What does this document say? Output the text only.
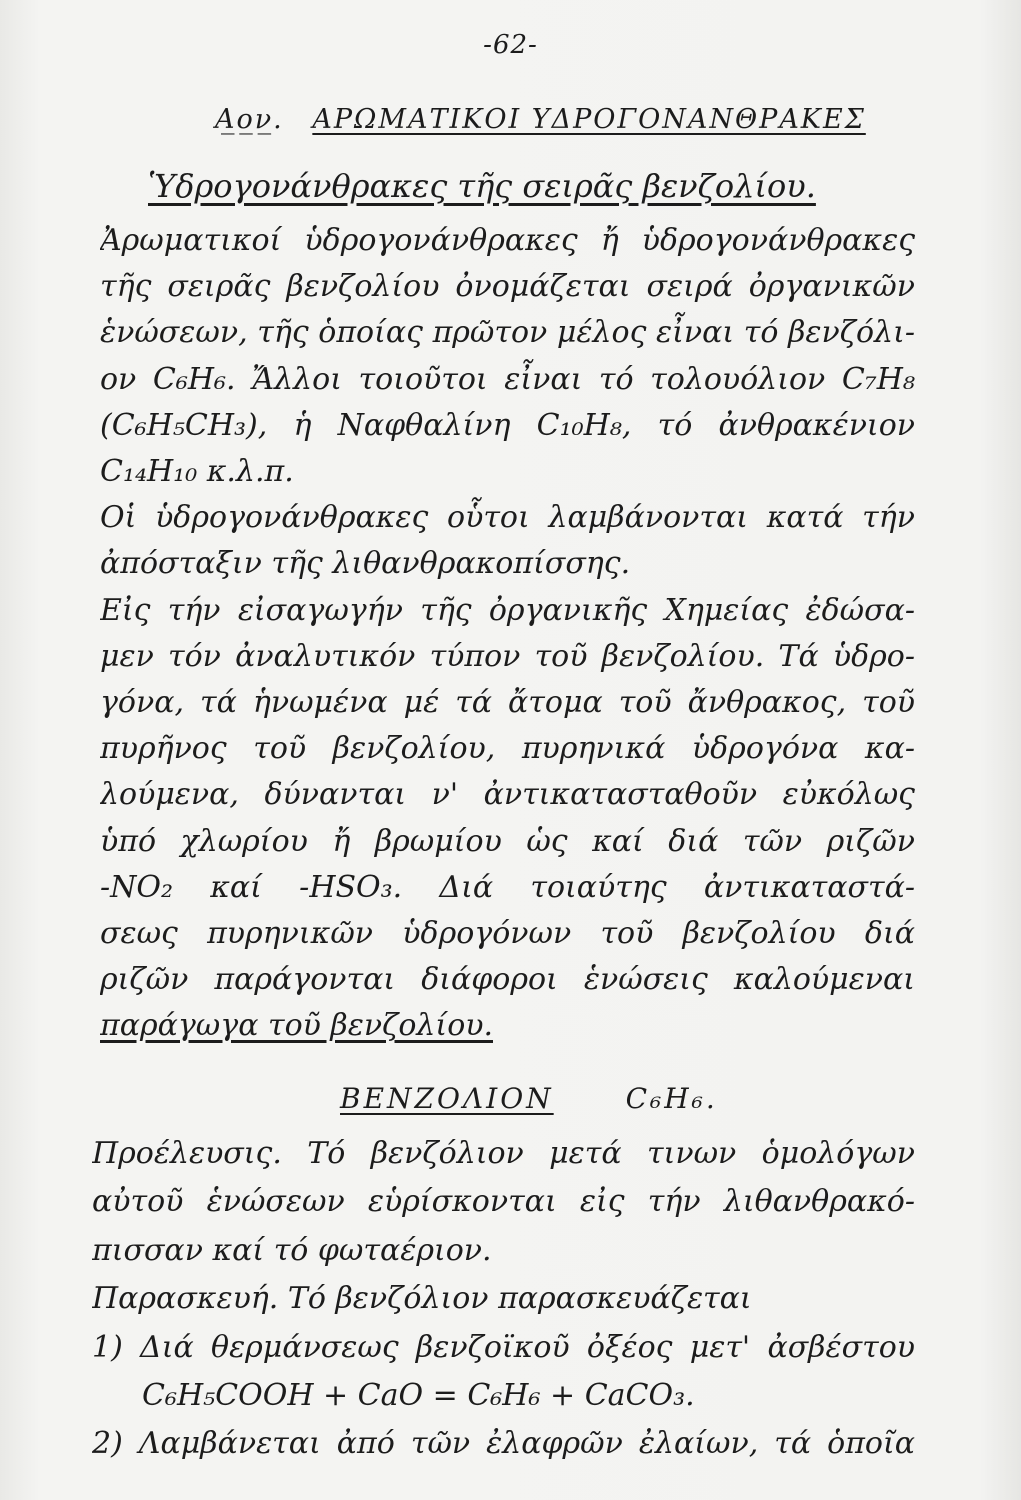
-62-
Α̲ο̲ν̲. ΑΡΩΜΑΤΙΚΟΙ ΥΔΡΟΓΟΝΑΝΘΡΑΚΕΣ
Ὑδρογονάνθρακες τῆς σειρᾶς βενζολίου.
Ἀρωματικοί ὑδρογονάνθρακες ἤ ὑδρογονάνθρακες
τῆς σειρᾶς βενζολίου ὀνομάζεται σειρά ὀργανικῶν
ἑνώσεων, τῆς ὁποίας πρῶτον μέλος εἶναι τό βενζόλι-
ον C₆H₆. Ἄλλοι τοιοῦτοι εἶναι τό τολουόλιον C₇H₈
(C₆H₅CH₃), ἡ Ναφθαλίνη C₁₀H₈, τό ἀνθρακένιον
C₁₄H₁₀ κ.λ.π.
Οἱ ὑδρογονάνθρακες οὗτοι λαμβάνονται κατά τήν
ἀπόσταξιν τῆς λιθανθρακοπίσσης.
Εἰς τήν εἰσαγωγήν τῆς ὀργανικῆς Χημείας ἐδώσα-
μεν τόν ἀναλυτικόν τύπον τοῦ βενζολίου. Τά ὑδρο-
γόνα, τά ἡνωμένα μέ τά ἄτομα τοῦ ἄνθρακος, τοῦ
πυρῆνος τοῦ βενζολίου, πυρηνικά ὑδρογόνα κα-
λούμενα, δύνανται ν' ἀντικατασταθοῦν εὐκόλως
ὑπό χλωρίου ἤ βρωμίου ὡς καί διά τῶν ριζῶν
-NO₂ καί -HSO₃. Διά τοιαύτης ἀντικαταστά-
σεως πυρηνικῶν ὑδρογόνων τοῦ βενζολίου διά
ριζῶν παράγονται διάφοροι ἑνώσεις καλούμεναι
παράγωγα τοῦ βενζολίου.
ΒΕΝΖΟΛΙΟΝ	C₆H₆.
Προέλευσις. Τό βενζόλιον μετά τινων ὁμολόγων
αὐτοῦ ἑνώσεων εὑρίσκονται εἰς τήν λιθανθρακό-
πισσαν καί τό φωταέριον.
Παρασκευή. Τό βενζόλιον παρασκευάζεται
1) Διά θερμάνσεως βενζοϊκοῦ ὀξέος μετ' ἀσβέστου
C₆H₅COOH + CaO = C₆H₆ + CaCO₃.
2) Λαμβάνεται ἀπό τῶν ἐλαφρῶν ἐλαίων, τά ὁποῖα
